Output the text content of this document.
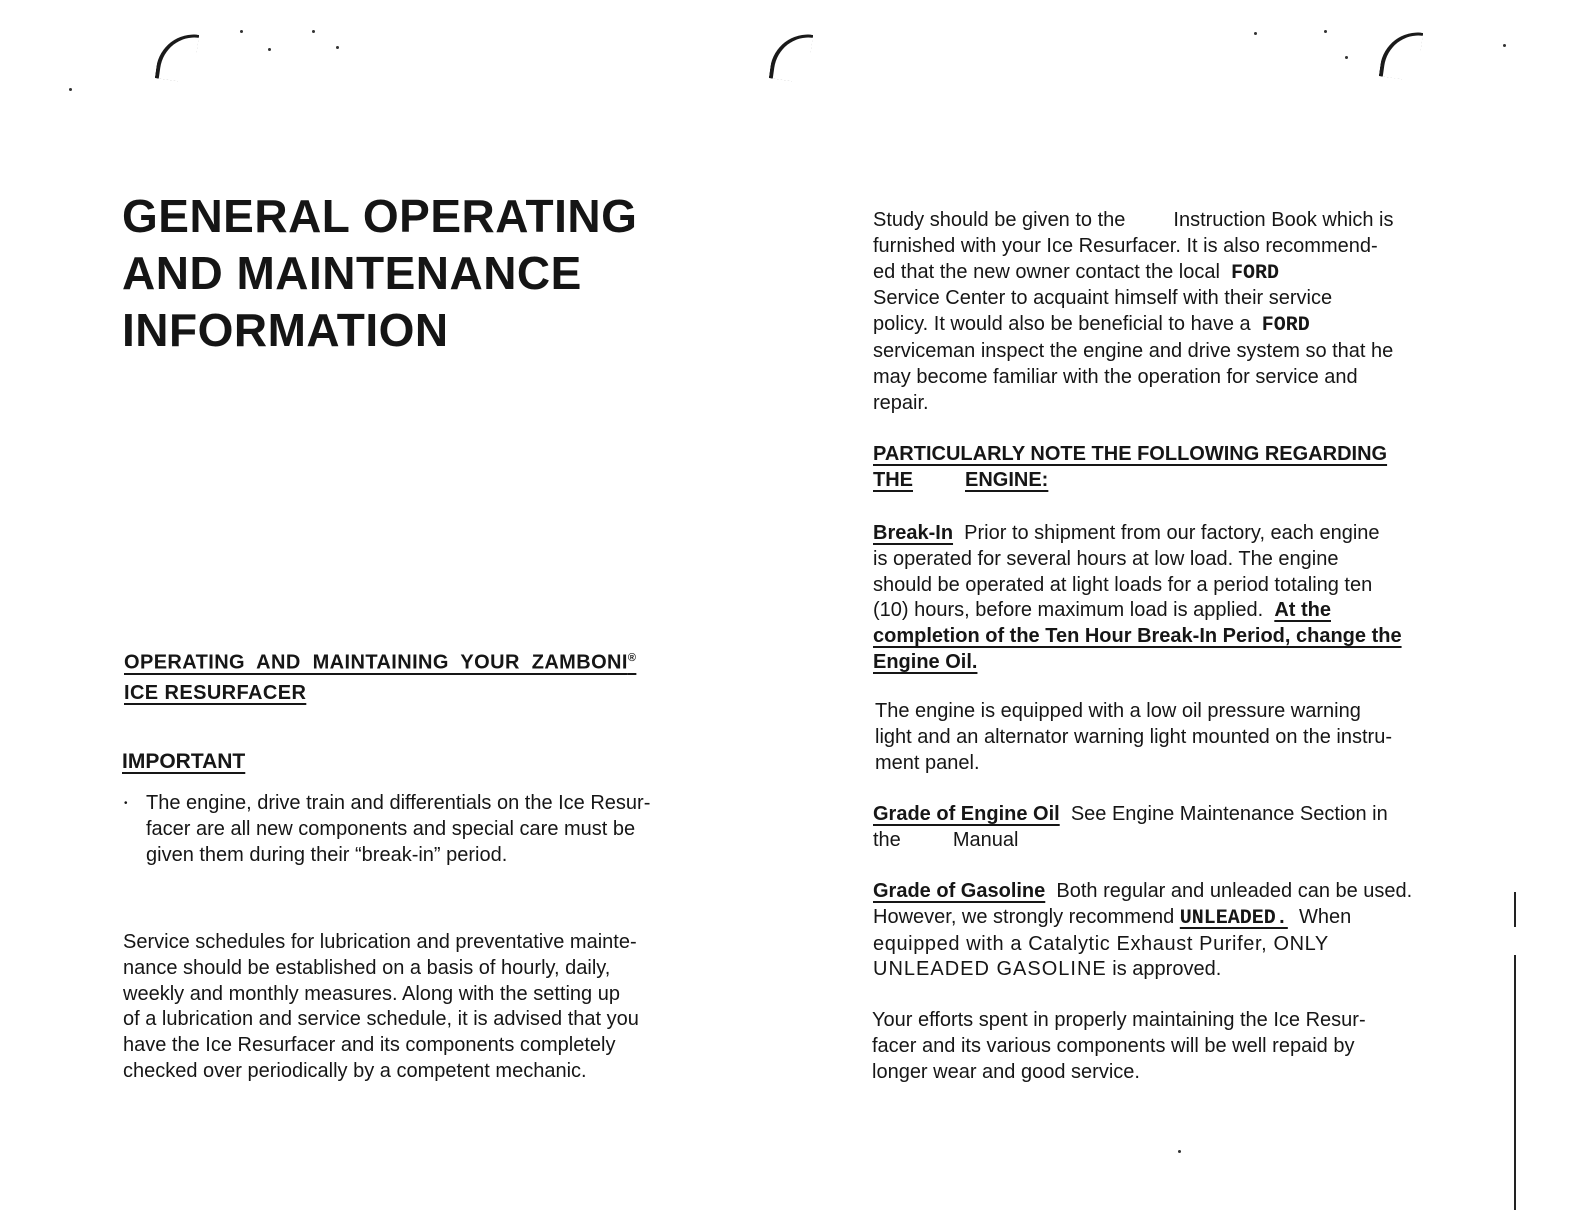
GENERAL OPERATING
AND MAINTENANCE
INFORMATION
OPERATING  AND  MAINTAINING  YOUR  ZAMBONI®
ICE RESURFACER
IMPORTANT
• The engine, drive train and differentials on the Ice Resur-
facer are all new components and special care must be
given them during their “break-in” period.
Service schedules for lubrication and preventative mainte-
nance should be established on a basis of hourly, daily,
weekly and monthly measures. Along with the setting up
of a lubrication and service schedule, it is advised that you
have the Ice Resurfacer and its components completely
checked over periodically by a competent mechanic.
Study should be given to the Instruction Book which is
furnished with your Ice Resurfacer. It is also recommend-
ed that the new owner contact the local FORD
Service Center to acquaint himself with their service
policy. It would also be beneficial to have a FORD
serviceman inspect the engine and drive system so that he
may become familiar with the operation for service and
repair.
PARTICULARLY NOTE THE FOLLOWING REGARDING
THE	ENGINE:
Break-In Prior to shipment from our factory, each engine
is operated for several hours at low load. The engine
should be operated at light loads for a period totaling ten
(10) hours, before maximum load is applied. At the
completion of the Ten Hour Break-In Period, change the
Engine Oil.
The engine is equipped with a low oil pressure warning
light and an alternator warning light mounted on the instru-
ment panel.
Grade of Engine Oil See Engine Maintenance Section in
the	Manual
Grade of Gasoline Both regular and unleaded can be used.
However, we strongly recommend UNLEADED. When
equipped with a Catalytic Exhaust Purifer, ONLY
UNLEADED GASOLINE is approved.
Your efforts spent in properly maintaining the Ice Resur-
facer and its various components will be well repaid by
longer wear and good service.
